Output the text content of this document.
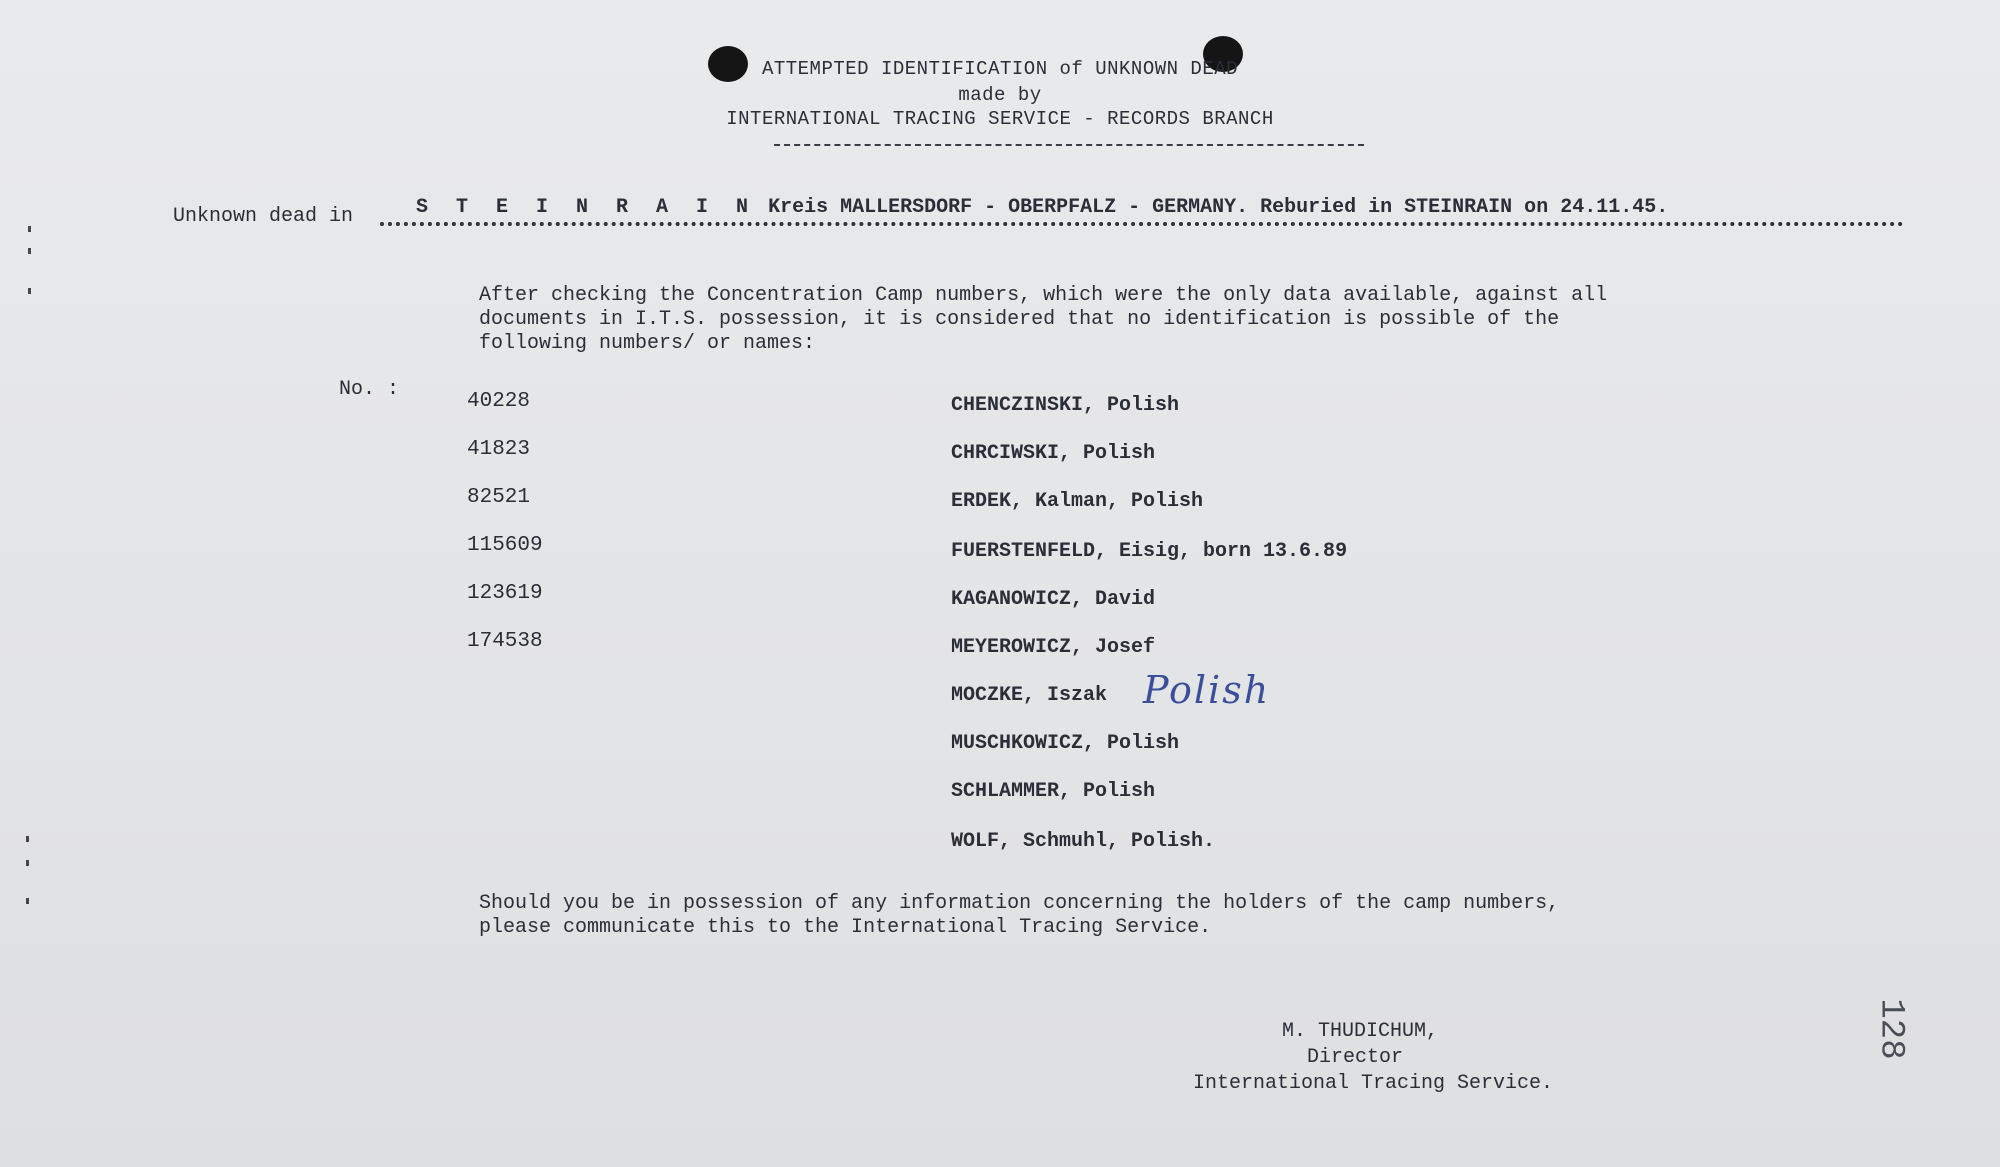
ATTEMPTED IDENTIFICATION of UNKNOWN DEAD
made by
INTERNATIONAL TRACING SERVICE - RECORDS BRANCH
Unknown dead in	S T E I N R A I N Kreis MALLERSDORF - OBERPFALZ - GERMANY. Reburied in STEINRAIN on 24.11.45.
After checking the Concentration Camp numbers, which were the only data available, against all
documents in I.T.S. possession, it is considered that no identification is possible of the
following numbers/ or names:
No. :
40228
41823
82521
115609
123619
174538
CHENCZINSKI, Polish
CHRCIWSKI, Polish
ERDEK, Kalman, Polish
FUERSTENFELD, Eisig, born 13.6.89
KAGANOWICZ, David
MEYEROWICZ, Josef
MOCZKE, Iszak
MUSCHKOWICZ, Polish
SCHLAMMER, Polish
WOLF, Schmuhl, Polish.
Polish
Should you be in possession of any information concerning the holders of the camp numbers,
please communicate this to the International Tracing Service.
M. THUDICHUM,
Director
International Tracing Service.
128
